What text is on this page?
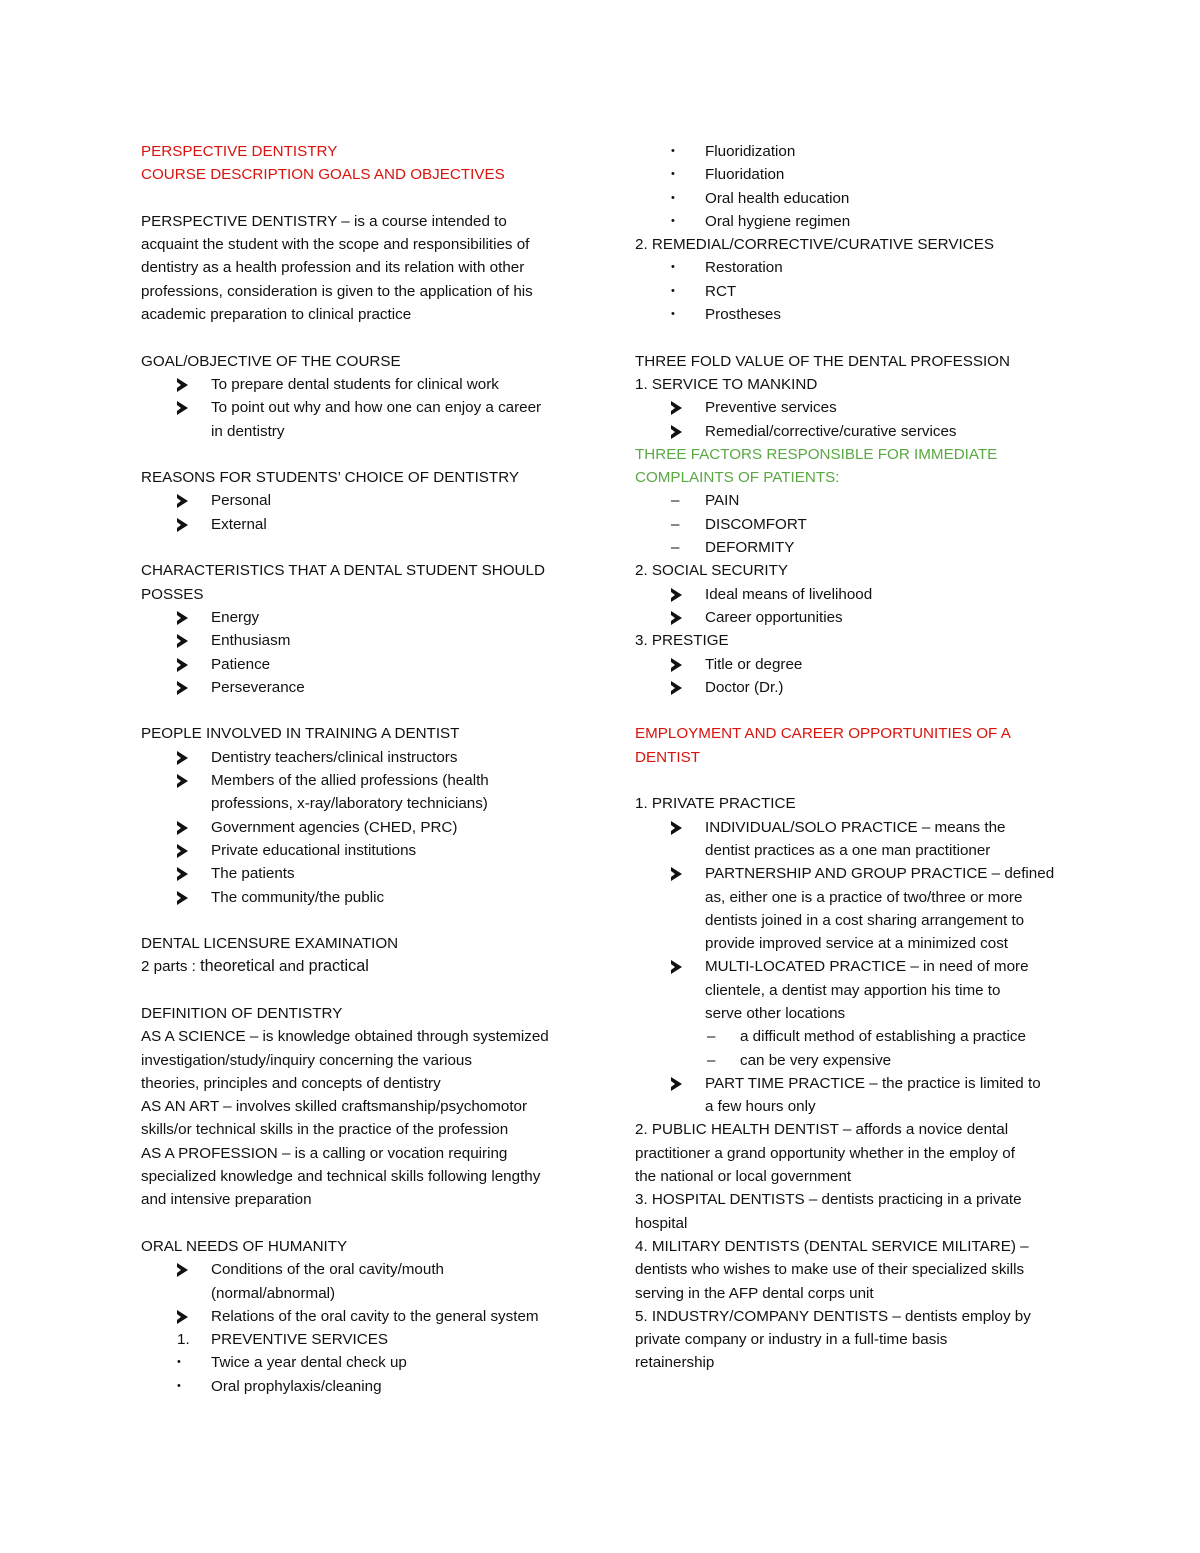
PERSPECTIVE DENTISTRY
COURSE DESCRIPTION GOALS AND OBJECTIVES
PERSPECTIVE DENTISTRY – is a course intended to
acquaint the student with the scope and responsibilities of
dentistry as a health profession and its relation with other
professions, consideration is given to the application of his
academic preparation to clinical practice
GOAL/OBJECTIVE OF THE COURSE
To prepare dental students for clinical work
To point out why and how one can enjoy a career
in dentistry
REASONS FOR STUDENTS’ CHOICE OF DENTISTRY
Personal
External
CHARACTERISTICS THAT A DENTAL STUDENT SHOULD
POSSES
Energy
Enthusiasm
Patience
Perseverance
PEOPLE INVOLVED IN TRAINING A DENTIST
Dentistry teachers/clinical instructors
Members of the allied professions (health
professions, x-ray/laboratory technicians)
Government agencies (CHED, PRC)
Private educational institutions
The patients
The community/the public
DENTAL LICENSURE EXAMINATION
2 parts : theoretical and practical
DEFINITION OF DENTISTRY
AS A SCIENCE – is knowledge obtained through systemized
investigation/study/inquiry concerning the various
theories, principles and concepts of dentistry
AS AN ART – involves skilled craftsmanship/psychomotor
skills/or technical skills in the practice of the profession
AS A PROFESSION – is a calling or vocation requiring
specialized knowledge and technical skills following lengthy
and intensive preparation
ORAL NEEDS OF HUMANITY
Conditions of the oral cavity/mouth
(normal/abnormal)
Relations of the oral cavity to the general system
1.	PREVENTIVE SERVICES
•	Twice a year dental check up
•	Oral prophylaxis/cleaning
•	Fluoridization
•	Fluoridation
•	Oral health education
•	Oral hygiene regimen
2. REMEDIAL/CORRECTIVE/CURATIVE SERVICES
•	Restoration
•	RCT
•	Prostheses
THREE FOLD VALUE OF THE DENTAL PROFESSION
1. SERVICE TO MANKIND
Preventive services
Remedial/corrective/curative services
THREE FACTORS RESPONSIBLE FOR IMMEDIATE
COMPLAINTS OF PATIENTS:
–	PAIN
–	DISCOMFORT
–	DEFORMITY
2. SOCIAL SECURITY
Ideal means of livelihood
Career opportunities
3. PRESTIGE
Title or degree
Doctor (Dr.)
EMPLOYMENT AND CAREER OPPORTUNITIES OF A
DENTIST
1. PRIVATE PRACTICE
INDIVIDUAL/SOLO PRACTICE – means the
dentist practices as a one man practitioner
PARTNERSHIP AND GROUP PRACTICE – defined
as, either one is a practice of two/three or more
dentists joined in a cost sharing arrangement to
provide improved service at a minimized cost
MULTI-LOCATED PRACTICE – in need of more
clientele, a dentist may apportion his time to
serve other locations
– a difficult method of establishing a practice
– can be very expensive
PART TIME PRACTICE – the practice is limited to
a few hours only
2. PUBLIC HEALTH DENTIST – affords a novice dental
practitioner a grand opportunity whether in the employ of
the national or local government
3. HOSPITAL DENTISTS – dentists practicing in a private
hospital
4. MILITARY DENTISTS (DENTAL SERVICE MILITARE) –
dentists who wishes to make use of their specialized skills
serving in the AFP dental corps unit
5. INDUSTRY/COMPANY DENTISTS – dentists employ by
private company or industry in a full-time basis
retainership
